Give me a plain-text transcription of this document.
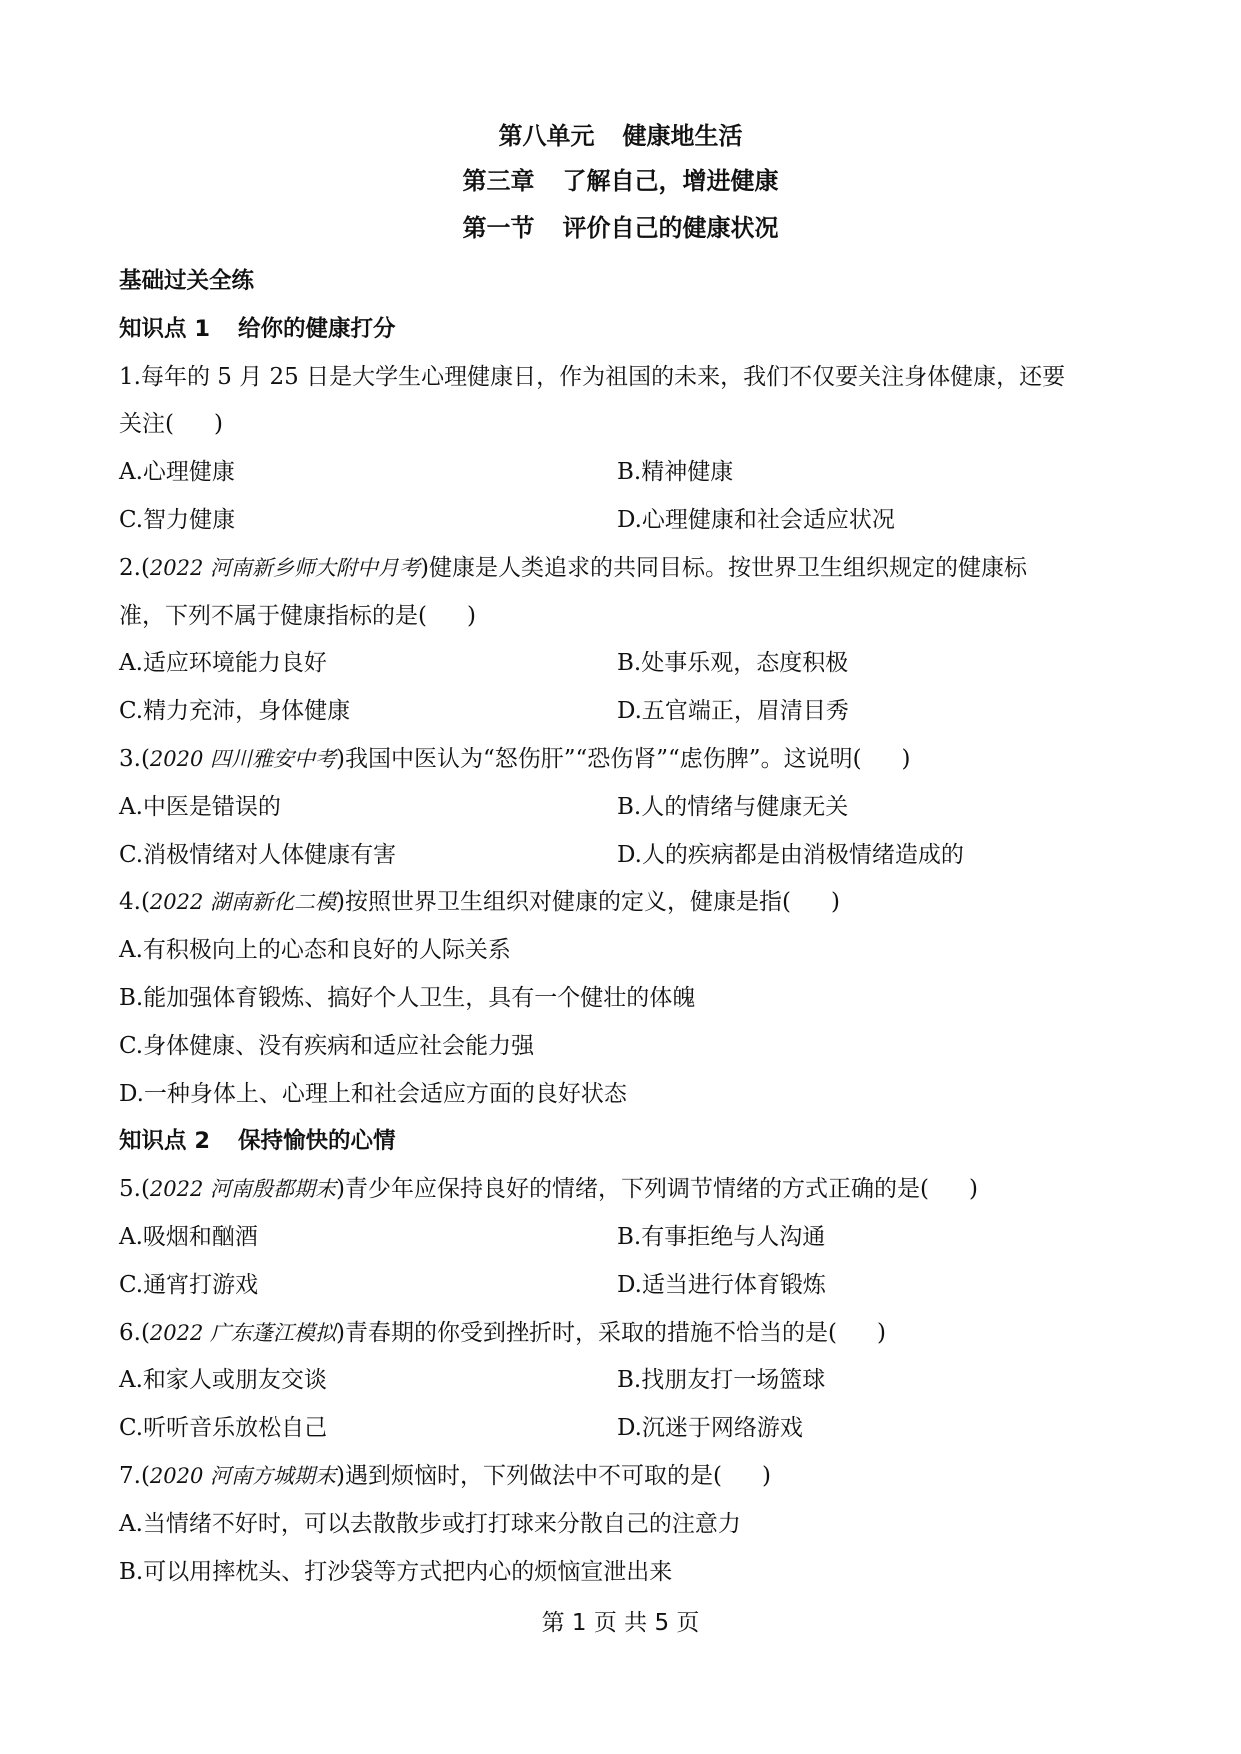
第八单元 健康地生活
第三章 了解自己，增进健康
第一节 评价自己的健康状况
基础过关全练
知识点 1 给你的健康打分
1.每年的 5 月 25 日是大学生心理健康日，作为祖国的未来，我们不仅要关注身体健康，还要
关注( )
A.心理健康	B.精神健康
C.智力健康	D.心理健康和社会适应状况
2.(2022 河南新乡师大附中月考)健康是人类追求的共同目标。按世界卫生组织规定的健康标
准，下列不属于健康指标的是( )
A.适应环境能力良好	B.处事乐观，态度积极
C.精力充沛，身体健康	D.五官端正，眉清目秀
3.(2020 四川雅安中考)我国中医认为“怒伤肝”“恐伤肾”“虑伤脾”。这说明( )
A.中医是错误的	B.人的情绪与健康无关
C.消极情绪对人体健康有害	D.人的疾病都是由消极情绪造成的
4.(2022 湖南新化二模)按照世界卫生组织对健康的定义，健康是指( )
A.有积极向上的心态和良好的人际关系
B.能加强体育锻炼、搞好个人卫生，具有一个健壮的体魄
C.身体健康、没有疾病和适应社会能力强
D.一种身体上、心理上和社会适应方面的良好状态
知识点 2 保持愉快的心情
5.(2022 河南殷都期末)青少年应保持良好的情绪，下列调节情绪的方式正确的是( )
A.吸烟和酗酒	B.有事拒绝与人沟通
C.通宵打游戏	D.适当进行体育锻炼
6.(2022 广东蓬江模拟)青春期的你受到挫折时，采取的措施不恰当的是( )
A.和家人或朋友交谈	B.找朋友打一场篮球
C.听听音乐放松自己	D.沉迷于网络游戏
7.(2020 河南方城期末)遇到烦恼时，下列做法中不可取的是( )
A.当情绪不好时，可以去散散步或打打球来分散自己的注意力
B.可以用摔枕头、打沙袋等方式把内心的烦恼宣泄出来
第 1 页 共 5 页
